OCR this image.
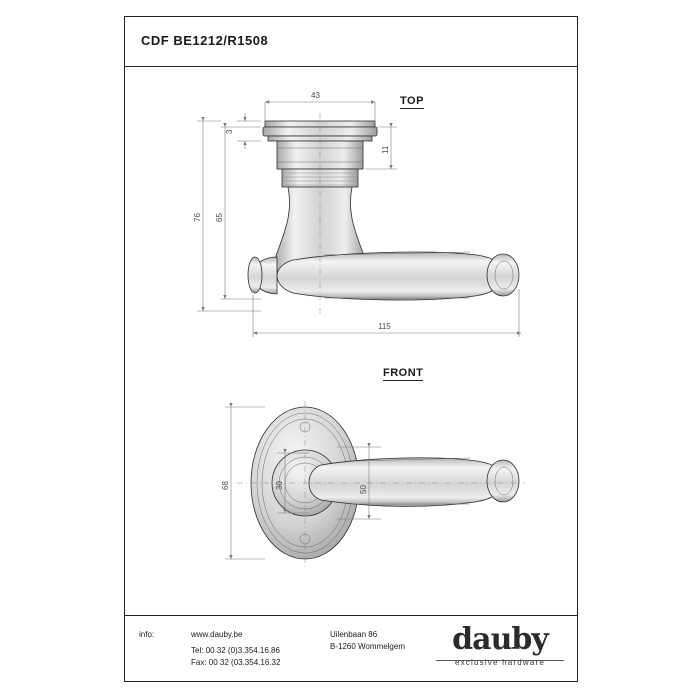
CDF BE1212/R1508
TOP
FRONT
43
3
11
65
76
115
68	30	50
info:	www.dauby.be
Tel: 00 32 (0)3.354.16.86
Fax: 00 32 (03.354.16.32
Uilenbaan 86
B-1260 Wommelgem	dauby
exclusive hardware
